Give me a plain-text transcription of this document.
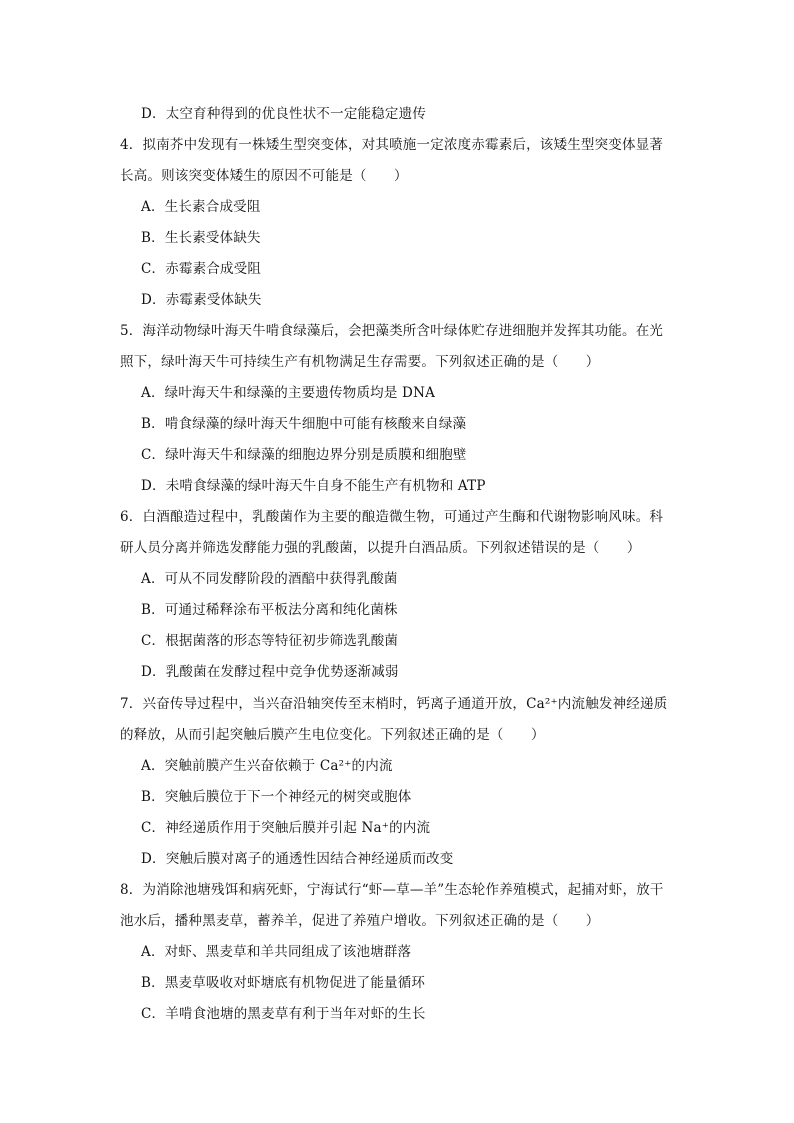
D．太空育种得到的优良性状不一定能稳定遗传
4．拟南芥中发现有一株矮生型突变体，对其喷施一定浓度赤霉素后，该矮生型突变体显著
长高。则该突变体矮生的原因不可能是（　　）
A．生长素合成受阻
B．生长素受体缺失
C．赤霉素合成受阻
D．赤霉素受体缺失
5．海洋动物绿叶海天牛啃食绿藻后，会把藻类所含叶绿体贮存进细胞并发挥其功能。在光
照下，绿叶海天牛可持续生产有机物满足生存需要。下列叙述正确的是（　　）
A．绿叶海天牛和绿藻的主要遗传物质均是 DNA
B．啃食绿藻的绿叶海天牛细胞中可能有核酸来自绿藻
C．绿叶海天牛和绿藻的细胞边界分别是质膜和细胞壁
D．未啃食绿藻的绿叶海天牛自身不能生产有机物和 ATP
6．白酒酿造过程中，乳酸菌作为主要的酿造微生物，可通过产生酶和代谢物影响风味。科
研人员分离并筛选发酵能力强的乳酸菌，以提升白酒品质。下列叙述错误的是（　　）
A．可从不同发酵阶段的酒醅中获得乳酸菌
B．可通过稀释涂布平板法分离和纯化菌株
C．根据菌落的形态等特征初步筛选乳酸菌
D．乳酸菌在发酵过程中竞争优势逐渐减弱
7．兴奋传导过程中，当兴奋沿轴突传至末梢时，钙离子通道开放，Ca²⁺内流触发神经递质
的释放，从而引起突触后膜产生电位变化。下列叙述正确的是（　　）
A．突触前膜产生兴奋依赖于 Ca²⁺的内流
B．突触后膜位于下一个神经元的树突或胞体
C．神经递质作用于突触后膜并引起 Na⁺的内流
D．突触后膜对离子的通透性因结合神经递质而改变
8．为消除池塘残饵和病死虾，宁海试行“虾—草—羊”生态轮作养殖模式，起捕对虾，放干
池水后，播种黑麦草，蓄养羊，促进了养殖户增收。下列叙述正确的是（　　）
A．对虾、黑麦草和羊共同组成了该池塘群落
B．黑麦草吸收对虾塘底有机物促进了能量循环
C．羊啃食池塘的黑麦草有利于当年对虾的生长
